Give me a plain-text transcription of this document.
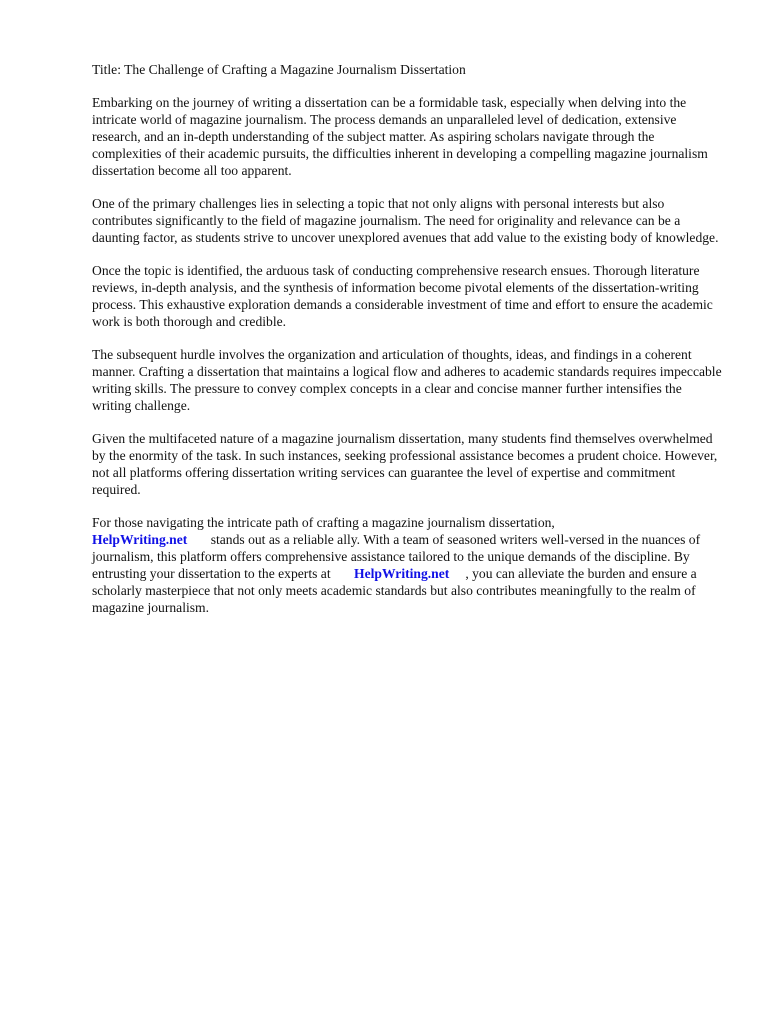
Title: The Challenge of Crafting a Magazine Journalism Dissertation

Embarking on the journey of writing a dissertation can be a formidable task, especially when delving into the intricate world of magazine journalism. The process demands an unparalleled level of dedication, extensive research, and an in-depth understanding of the subject matter. As aspiring scholars navigate through the complexities of their academic pursuits, the difficulties inherent in developing a compelling magazine journalism dissertation become all too apparent.

One of the primary challenges lies in selecting a topic that not only aligns with personal interests but also contributes significantly to the field of magazine journalism. The need for originality and relevance can be a daunting factor, as students strive to uncover unexplored avenues that add value to the existing body of knowledge.

Once the topic is identified, the arduous task of conducting comprehensive research ensues. Thorough literature reviews, in-depth analysis, and the synthesis of information become pivotal elements of the dissertation-writing process. This exhaustive exploration demands a considerable investment of time and effort to ensure the academic work is both thorough and credible.

The subsequent hurdle involves the organization and articulation of thoughts, ideas, and findings in a coherent manner. Crafting a dissertation that maintains a logical flow and adheres to academic standards requires impeccable writing skills. The pressure to convey complex concepts in a clear and concise manner further intensifies the writing challenge.

Given the multifaceted nature of a magazine journalism dissertation, many students find themselves overwhelmed by the enormity of the task. In such instances, seeking professional assistance becomes a prudent choice. However, not all platforms offering dissertation writing services can guarantee the level of expertise and commitment required.

For those navigating the intricate path of crafting a magazine journalism dissertation,
HelpWriting.net stands out as a reliable ally. With a team of seasoned writers well-versed in the nuances of journalism, this platform offers comprehensive assistance tailored to the unique demands of the discipline. By entrusting your dissertation to the experts at HelpWriting.net , you can alleviate the burden and ensure a scholarly masterpiece that not only meets academic standards but also contributes meaningfully to the realm of magazine journalism.
